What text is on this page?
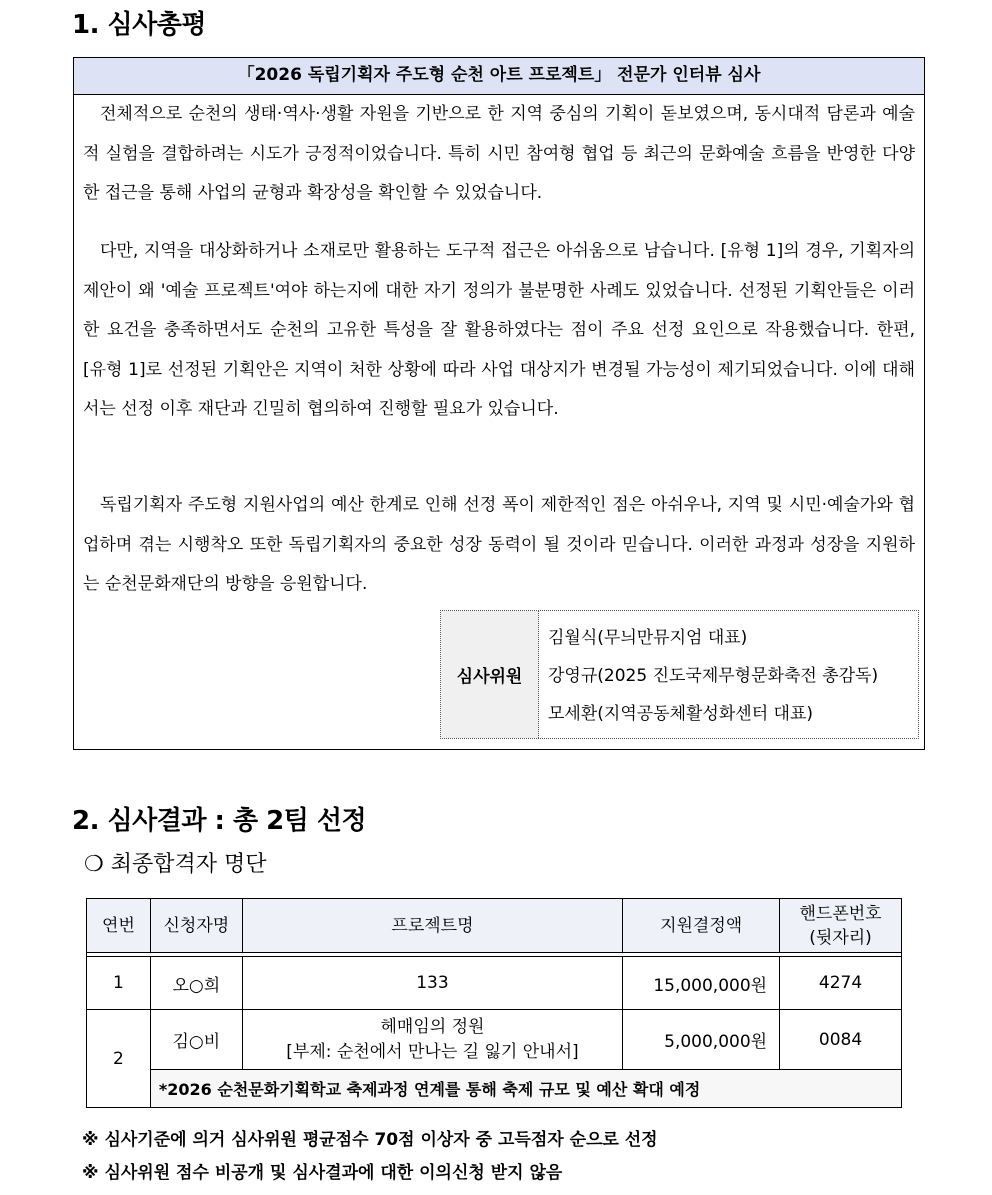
1. 심사총평
「2026 독립기획자 주도형 순천 아트 프로젝트」 전문가 인터뷰 심사
전체적으로 순천의 생태·역사·생활 자원을 기반으로 한 지역 중심의 기획이 돋보였으며, 동시대적 담론과 예술적 실험을 결합하려는 시도가 긍정적이었습니다. 특히 시민 참여형 협업 등 최근의 문화예술 흐름을 반영한 다양한 접근을 통해 사업의 균형과 확장성을 확인할 수 있었습니다.
다만, 지역을 대상화하거나 소재로만 활용하는 도구적 접근은 아쉬움으로 남습니다. [유형 1]의 경우, 기획자의 제안이 왜 '예술 프로젝트'여야 하는지에 대한 자기 정의가 불분명한 사례도 있었습니다. 선정된 기획안들은 이러한 요건을 충족하면서도 순천의 고유한 특성을 잘 활용하였다는 점이 주요 선정 요인으로 작용했습니다. 한편, [유형 1]로 선정된 기획안은 지역이 처한 상황에 따라 사업 대상지가 변경될 가능성이 제기되었습니다. 이에 대해서는 선정 이후 재단과 긴밀히 협의하여 진행할 필요가 있습니다.
독립기획자 주도형 지원사업의 예산 한계로 인해 선정 폭이 제한적인 점은 아쉬우나, 지역 및 시민·예술가와 협업하며 겪는 시행착오 또한 독립기획자의 중요한 성장 동력이 될 것이라 믿습니다. 이러한 과정과 성장을 지원하는 순천문화재단의 방향을 응원합니다.
심사위원
김월식(무늬만뮤지엄 대표)
강영규(2025 진도국제무형문화축전 총감독)
모세환(지역공동체활성화센터 대표)
2. 심사결과 : 총 2팀 선정
❍ 최종합격자 명단
연번	신청자명	프로젝트명	지원결정액	핸드폰번호
(뒷자리)

1	오○희	133	15,000,000원	4274
2	김○비	헤매임의 정원
[부제: 순천에서 만나는 길 잃기 안내서]	5,000,000원	0084
	*2026 순천문화기획학교 축제과정 연계를 통해 축제 규모 및 예산 확대 예정			
※ 심사기준에 의거 심사위원 평균점수 70점 이상자 중 고득점자 순으로 선정
※ 심사위원 점수 비공개 및 심사결과에 대한 이의신청 받지 않음
